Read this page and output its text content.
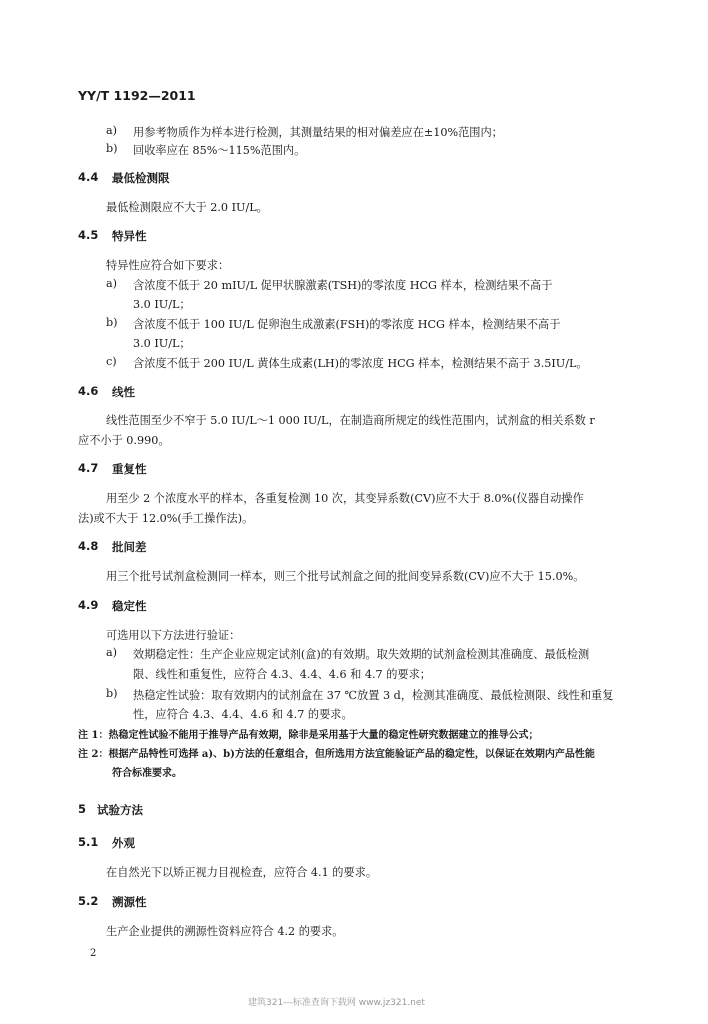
YY/T 1192—2011
a) 用参考物质作为样本进行检测，其测量结果的相对偏差应在±10%范围内；
b) 回收率应在 85%～115%范围内。
4.4 最低检测限
最低检测限应不大于 2.0 IU/L。
4.5 特异性
特异性应符合如下要求：
a) 含浓度不低于 20 mIU/L 促甲状腺激素(TSH)的零浓度 HCG 样本，检测结果不高于
3.0 IU/L；
b) 含浓度不低于 100 IU/L 促卵泡生成激素(FSH)的零浓度 HCG 样本，检测结果不高于
3.0 IU/L；
c) 含浓度不低于 200 IU/L 黄体生成素(LH)的零浓度 HCG 样本，检测结果不高于 3.5IU/L。
4.6 线性
线性范围至少不窄于 5.0 IU/L～1 000 IU/L，在制造商所规定的线性范围内，试剂盒的相关系数 r
应不小于 0.990。
4.7 重复性
用至少 2 个浓度水平的样本，各重复检测 10 次，其变异系数(CV)应不大于 8.0%(仪器自动操作
法)或不大于 12.0%(手工操作法)。
4.8 批间差
用三个批号试剂盒检测同一样本，则三个批号试剂盒之间的批间变异系数(CV)应不大于 15.0%。
4.9 稳定性
可选用以下方法进行验证：
a) 效期稳定性：生产企业应规定试剂(盒)的有效期。取失效期的试剂盒检测其准确度、最低检测
限、线性和重复性，应符合 4.3、4.4、4.6 和 4.7 的要求；
b) 热稳定性试验：取有效期内的试剂盒在 37 ℃放置 3 d，检测其准确度、最低检测限、线性和重复
性，应符合 4.3、4.4、4.6 和 4.7 的要求。
注 1：热稳定性试验不能用于推导产品有效期，除非是采用基于大量的稳定性研究数据建立的推导公式；
注 2：根据产品特性可选择 a)、b)方法的任意组合，但所选用方法宜能验证产品的稳定性，以保证在效期内产品性能
符合标准要求。
5 试验方法
5.1 外观
在自然光下以矫正视力目视检查，应符合 4.1 的要求。
5.2 溯源性
生产企业提供的溯源性资料应符合 4.2 的要求。
2
建筑321---标准查询下载网 www.jz321.net
